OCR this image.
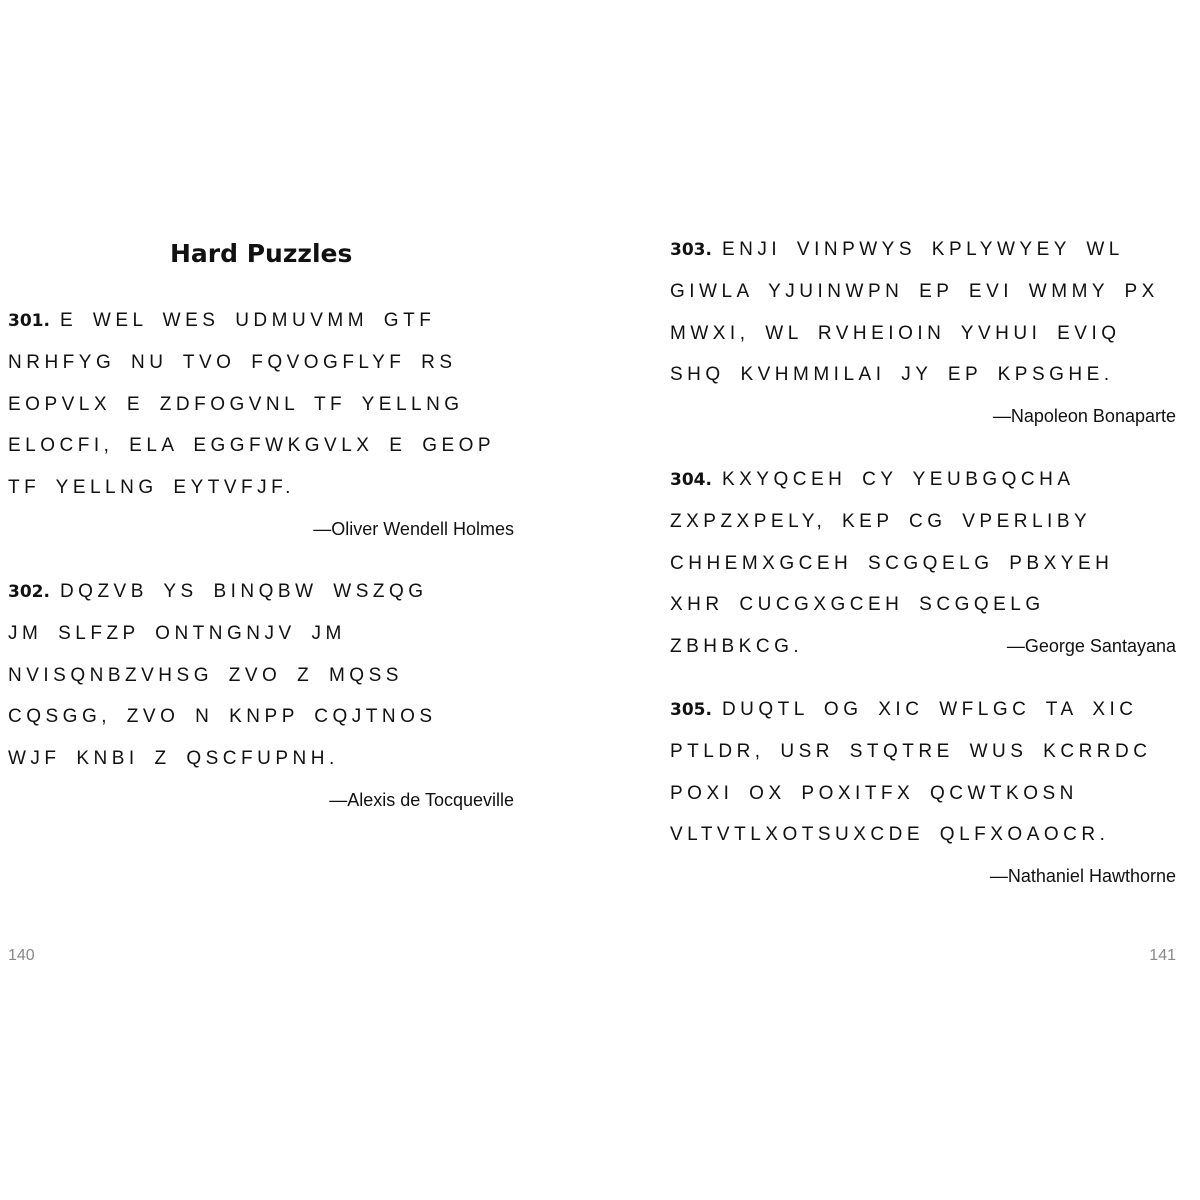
Hard Puzzles
301. E WEL WES UDMUVMM GTF
NRHFYG NU TVO FQVOGFLYF RS
EOPVLX E ZDFOGVNL TF YELLNG
ELOCFI, ELA EGGFWKGVLX E GEOP
TF YELLNG EYTVFJF.
—Oliver Wendell Holmes
302. DQZVB YS BINQBW WSZQG
JM SLFZP ONTNGNJV JM
NVISQNBZVHSG ZVO Z MQSS
CQSGG, ZVO N KNPP CQJTNOS
WJF KNBI Z QSCFUPNH.
—Alexis de Tocqueville
140
303. ENJI VINPWYS KPLYWYEY WL
GIWLA YJUINWPN EP EVI WMMY PX
MWXI, WL RVHEIOIN YVHUI EVIQ
SHQ KVHMMILAI JY EP KPSGHE.
—Napoleon Bonaparte
304. KXYQCEH CY YEUBGQCHA
ZXPZXPELY, KEP CG VPERLIBY
CHHEMXGCEH SCGQELG PBXYEH
XHR CUCGXGCEH SCGQELG
ZBHBKCG.	—George Santayana
305. DUQTL OG XIC WFLGC TA XIC
PTLDR, USR STQTRE WUS KCRRDC
POXI OX POXITFX QCWTKOSN
VLTVTLXOTSUXCDE QLFXOAOCR.
—Nathaniel Hawthorne
141
